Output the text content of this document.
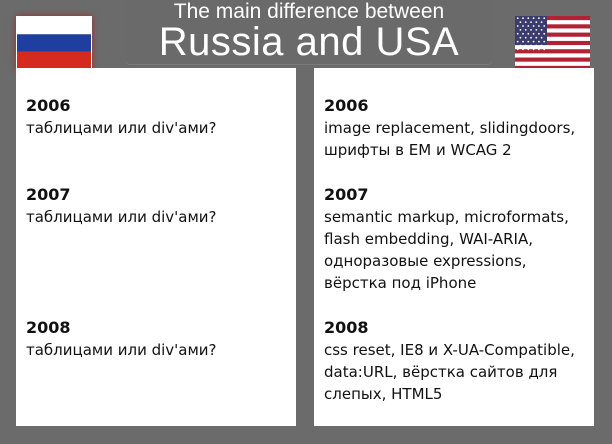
The main difference between
Russia and USA
2006
таблицами или div'ами?
2007
таблицами или div'ами?
2008
таблицами или div'ами?
2006
image replacement, slidingdoors,
шрифты в EM и WCAG 2
2007
semantic markup, microformats,
flash embedding, WAI-ARIA,
одноразовые expressions,
вёрстка под iPhone
2008
css reset, IE8 и X-UA-Compatible,
data:URL, вёрстка сайтов для
слепых, HTML5
